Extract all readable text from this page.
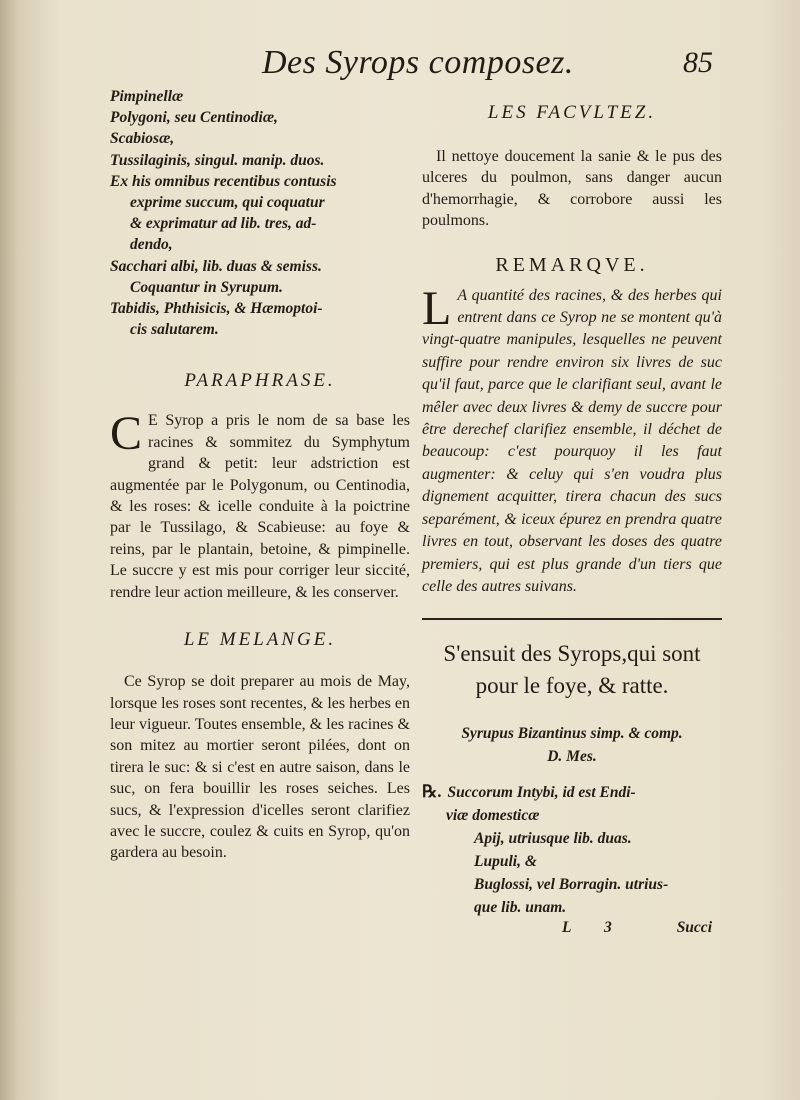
Des Syrops composez.	85
Pimpinellæ
Polygoni, seu Centinodiæ,
Scabiosæ,
Tussilaginis, singul. manip. duos.
Ex his omnibus recentibus contusis
exprime succum, qui coquatur
& exprimatur ad lib. tres, ad-
dendo,
Sacchari albi, lib. duas & semiss.
Coquantur in Syrupum.
Tabidis, Phthisicis, & Hæmoptoi-
cis salutarem.
PARAPHRASE.

C E Syrop a pris le nom de sa base les racines & sommitez du Symphytum grand & petit: leur adstriction est augmentée par le Polygonum, ou Centinodia, & les roses: & icelle conduite à la poictrine par le Tussilago, & Scabieuse: au foye & reins, par le plantain, betoine, & pimpinelle. Le succre y est mis pour corriger leur siccité, rendre leur action meilleure, & les conserver.

LE MELANGE.

Ce Syrop se doit preparer au mois de May, lorsque les roses sont recentes, & les herbes en leur vigueur. Toutes ensemble, & les racines & son mitez au mortier seront pilées, dont on tirera le suc: & si c'est en autre saison, dans le suc, on fera bouillir les roses seiches. Les sucs, & l'expression d'icelles seront clarifiez avec le succre, coulez & cuits en Syrop, qu'on gardera au besoin.

LES FACVLTEZ.

Il nettoye doucement la sanie & le pus des ulceres du poulmon, sans danger aucun d'hemorrhagie, & corrobore aussi les poulmons.

REMARQVE.

L A quantité des racines, & des herbes qui entrent dans ce Syrop ne se montent qu'à vingt-quatre manipules, lesquelles ne peuvent suffire pour rendre environ six livres de suc qu'il faut, parce que le clarifiant seul, avant le mêler avec deux livres & demy de succre pour être derechef clarifiez ensemble, il déchet de beaucoup: c'est pourquoy il les faut augmenter: & celuy qui s'en voudra plus dignement acquitter, tirera chacun des sucs separément, & iceux épurez en prendra quatre livres en tout, observant les doses des quatre premiers, qui est plus grande d'un tiers que celle des autres suivans.

S'ensuit des Syrops,qui sont
pour le foye, & ratte.
Syrupus Bizantinus simp. & comp.
D. Mes.
℞. Succorum Intybi, id est Endi-
viæ domesticæ
Apij, utriusque lib. duas.
Lupuli, &
Buglossi, vel Borragin. utrius-
que lib. unam.
L 3	Succi
